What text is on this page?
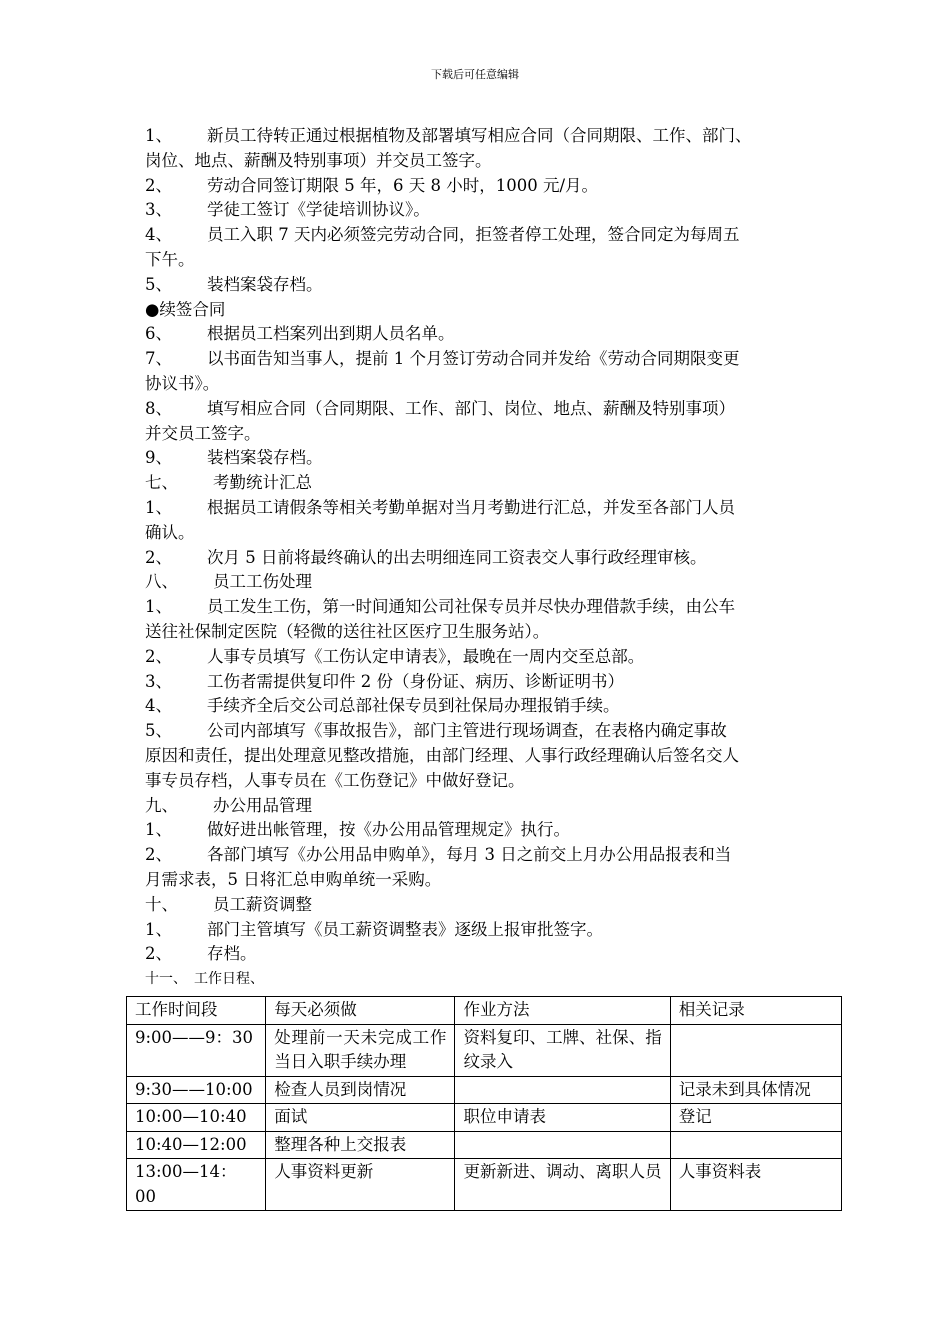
下载后可任意编辑
1、 新员工待转正通过根据植物及部署填写相应合同（合同期限、工作、部门、
岗位、地点、薪酬及特别事项）并交员工签字。
2、 劳动合同签订期限 5 年，6 天 8 小时，1000 元/月。
3、 学徒工签订《学徒培训协议》。
4、 员工入职 7 天内必须签完劳动合同，拒签者停工处理，签合同定为每周五
下午。
5、 装档案袋存档。
●续签合同
6、 根据员工档案列出到期人员名单。
7、 以书面告知当事人，提前 1 个月签订劳动合同并发给《劳动合同期限变更
协议书》。
8、 填写相应合同（合同期限、工作、部门、岗位、地点、薪酬及特别事项）
并交员工签字。
9、 装档案袋存档。
七、 考勤统计汇总
1、 根据员工请假条等相关考勤单据对当月考勤进行汇总，并发至各部门人员
确认。
2、 次月 5 日前将最终确认的出去明细连同工资表交人事行政经理审核。
八、 员工工伤处理
1、 员工发生工伤，第一时间通知公司社保专员并尽快办理借款手续，由公车
送往社保制定医院（轻微的送往社区医疗卫生服务站）。
2、 人事专员填写《工伤认定申请表》，最晚在一周内交至总部。
3、 工伤者需提供复印件 2 份（身份证、病历、诊断证明书）
4、 手续齐全后交公司总部社保专员到社保局办理报销手续。
5、 公司内部填写《事故报告》，部门主管进行现场调查，在表格内确定事故
原因和责任，提出处理意见整改措施，由部门经理、人事行政经理确认后签名交人
事专员存档，人事专员在《工伤登记》中做好登记。
九、 办公用品管理
1、 做好进出帐管理，按《办公用品管理规定》执行。
2、 各部门填写《办公用品申购单》，每月 3 日之前交上月办公用品报表和当
月需求表，5 日将汇总申购单统一采购。
十、 员工薪资调整
1、 部门主管填写《员工薪资调整表》逐级上报审批签字。
2、 存档。
十一、　工作日程、
工作时间段	每天必须做	作业方法	相关记录
9:00——9：30	处理前一天未完成工作当日入职手续办理	资料复印、工牌、社保、指纹录入	
9:30——10:00	检查人员到岗情况		记录未到具体情况
10:00—10:40	面试	职位申请表	登记
10:40—12:00	整理各种上交报表		
13:00—14：00	人事资料更新	更新新进、调动、离职人员	人事资料表
